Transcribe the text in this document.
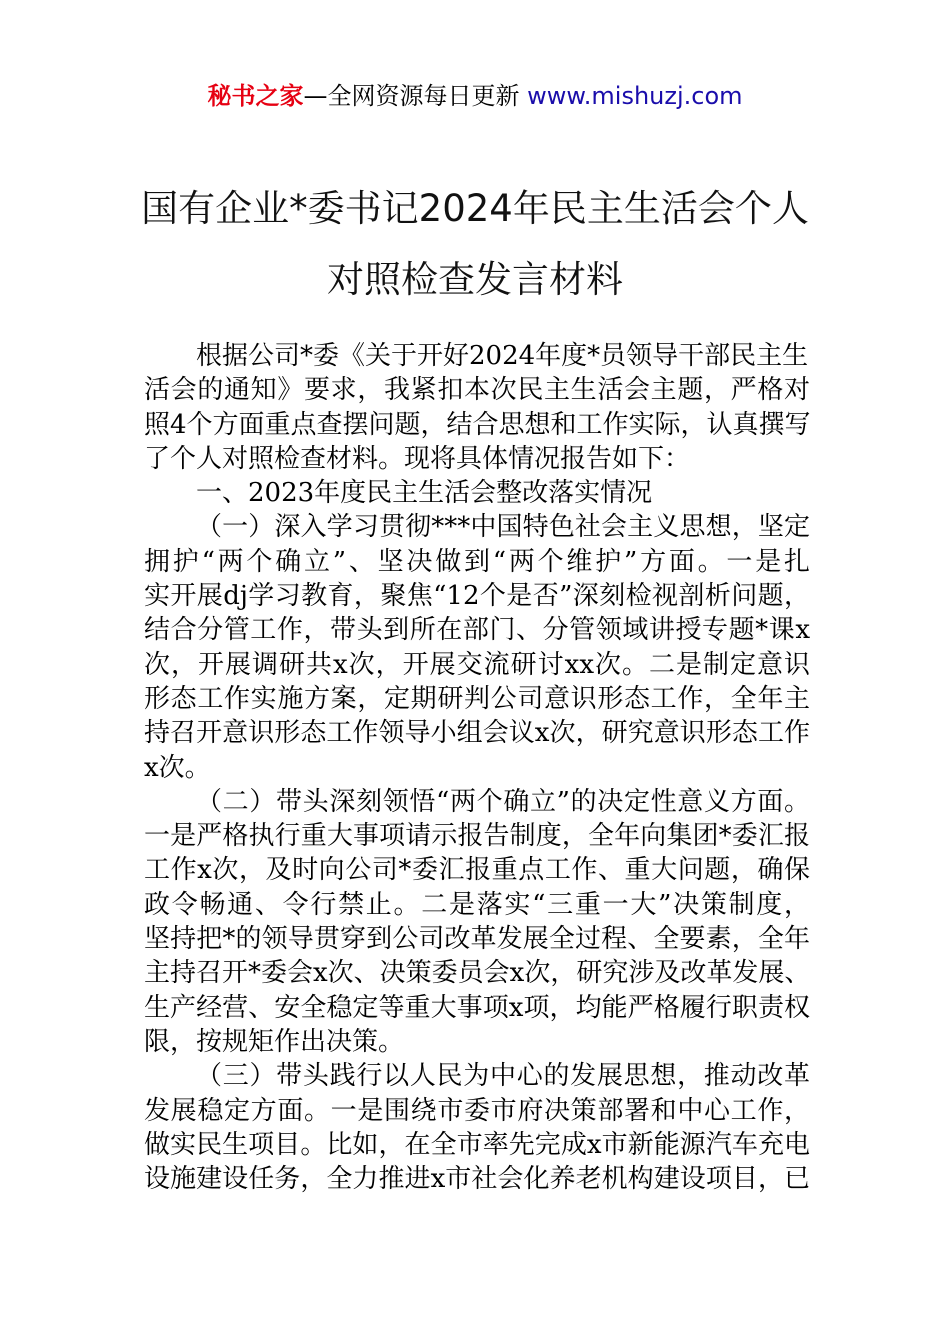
秘书之家—全网资源每日更新 www.mishuzj.com
国有企业*委书记2024年民主生活会个人
对照检查发言材料
根据公司*委《关于开好2024年度*员领导干部民主生
活会的通知》要求，我紧扣本次民主生活会主题，严格对
照4个方面重点查摆问题，结合思想和工作实际，认真撰写
了个人对照检查材料。现将具体情况报告如下：
一、2023年度民主生活会整改落实情况
（一）深入学习贯彻***中国特色社会主义思想，坚定
拥护“两个确立”、坚决做到“两个维护”方面。一是扎
实开展dj学习教育，聚焦“12个是否”深刻检视剖析问题，
结合分管工作，带头到所在部门、分管领域讲授专题*课x
次，开展调研共x次，开展交流研讨xx次。二是制定意识
形态工作实施方案，定期研判公司意识形态工作，全年主
持召开意识形态工作领导小组会议x次，研究意识形态工作
x次。
（二）带头深刻领悟“两个确立”的决定性意义方面。
一是严格执行重大事项请示报告制度，全年向集团*委汇报
工作x次，及时向公司*委汇报重点工作、重大问题，确保
政令畅通、令行禁止。二是落实“三重一大”决策制度，
坚持把*的领导贯穿到公司改革发展全过程、全要素，全年
主持召开*委会x次、决策委员会x次，研究涉及改革发展、
生产经营、安全稳定等重大事项x项，均能严格履行职责权
限，按规矩作出决策。
（三）带头践行以人民为中心的发展思想，推动改革
发展稳定方面。一是围绕市委市府决策部署和中心工作，
做实民生项目。比如，在全市率先完成x市新能源汽车充电
设施建设任务，全力推进x市社会化养老机构建设项目，已
